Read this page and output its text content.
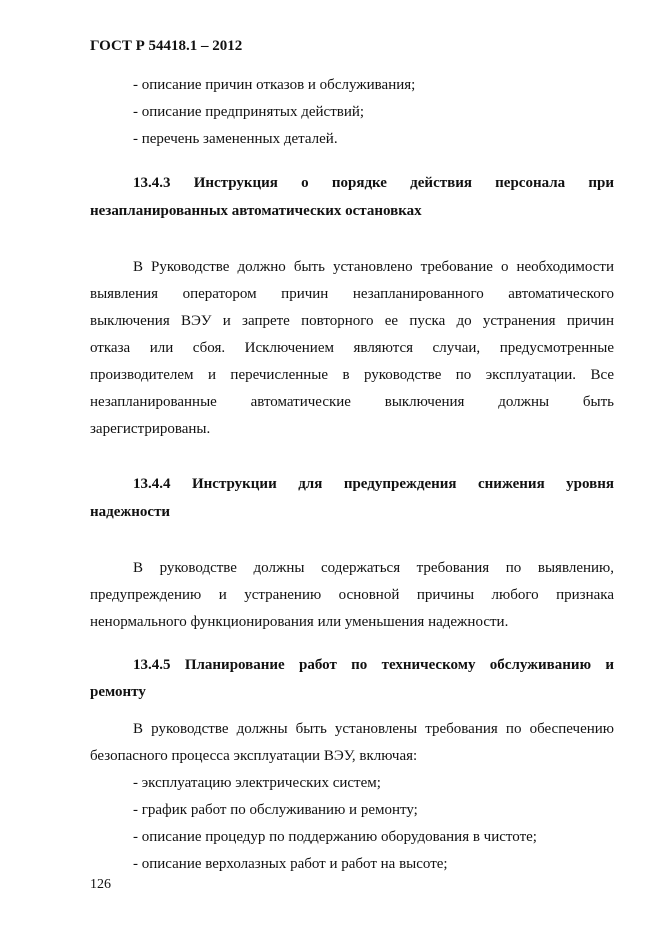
ГОСТ Р 54418.1 – 2012
- описание причин отказов и обслуживания;
- описание предпринятых действий;
- перечень замененных деталей.
13.4.3 Инструкция о порядке действия персонала при
незапланированных автоматических остановках
В Руководстве должно быть установлено требование о необходимости
выявления оператором причин незапланированного автоматического
выключения ВЭУ и запрете повторного ее пуска до устранения причин
отказа или сбоя. Исключением являются случаи, предусмотренные
производителем и перечисленные в руководстве по эксплуатации. Все
незапланированные автоматические выключения должны быть
зарегистрированы.
13.4.4 Инструкции для предупреждения снижения уровня
надежности
В руководстве должны содержаться требования по выявлению,
предупреждению и устранению основной причины любого признака
ненормального функционирования или уменьшения надежности.
13.4.5 Планирование работ по техническому обслуживанию и
ремонту
В руководстве должны быть установлены требования по обеспечению
безопасного процесса эксплуатации ВЭУ, включая:
- эксплуатацию электрических систем;
- график работ по обслуживанию и ремонту;
- описание процедур по поддержанию оборудования в чистоте;
- описание верхолазных работ и работ на высоте;
126
